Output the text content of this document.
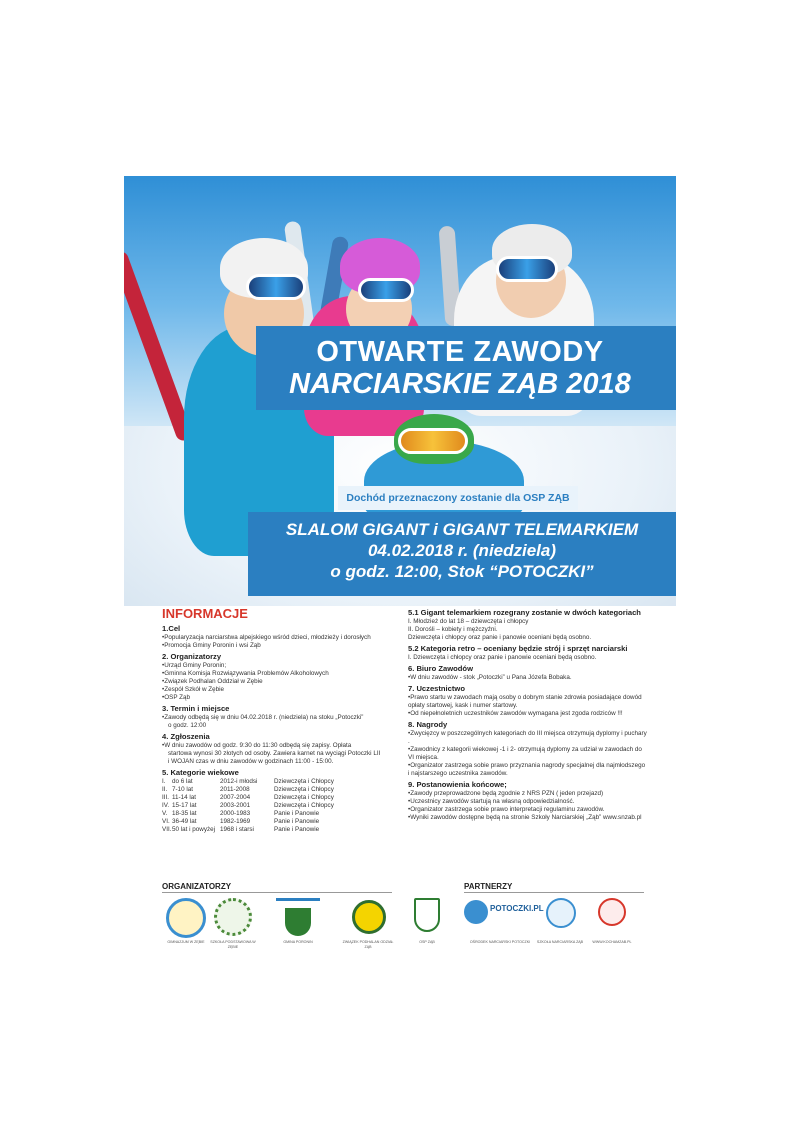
OTWARTE ZAWODY
NARCIARSKIE ZĄB 2018
Dochód przeznaczony zostanie dla OSP ZĄB
SLALOM GIGANT i GIGANT TELEMARKIEM
04.02.2018 r. (niedziela)
o godz. 12:00, Stok “POTOCZKI”
INFORMACJE
1.Cel
• Popularyzacja narciarstwa alpejskiego wśród dzieci, młodzieży i dorosłych
• Promocja Gminy Poronin i wsi Ząb
2. Organizatorzy
• Urząd Gminy Poronin;
• Gminna Komisja Rozwiązywania Problemów Alkoholowych
• Związek Podhalan Oddział w Zębie
• Zespół Szkół w Zębie
• OSP Ząb
3. Termin i miejsce
• Zawody odbędą się w dniu 04.02.2018 r. (niedziela) na stoku „Potoczki”
o godz. 12:00
4. Zgłoszenia
• W dniu zawodów od godz. 9:30 do 11:30 odbędą się zapisy. Opłata
startowa wynosi 30 złotych od osoby. Zawiera karnet na wyciągi Potoczki LII
i WOJAN czas w dniu zawodów w godzinach 11:00 - 15:00.
5. Kategorie wiekowe
I.	do 6 lat	2012-i młodsi	Dziewczęta i Chłopcy
II. 7-10 lat	2011-2008	Dziewczęta i Chłopcy
III. 11-14 lat	2007-2004	Dziewczęta i Chłopcy
IV. 15-17 lat	2003-2001	Dziewczęta i Chłopcy
V. 18-35 lat	2000-1983	Panie i Panowie
VI. 36-49 lat	1982-1969	Panie i Panowie
VII. 50 lat i powyżej 1968 i starsi	Panie i Panowie
5.1 Gigant telemarkiem rozegrany zostanie w dwóch kategoriach
I. Młodzież do lat 18 – dziewczęta i chłopcy
II. Dorośli – kobiety i mężczyźni.
Dziewczęta i chłopcy oraz panie i panowie oceniani będą osobno.
5.2 Kategoria retro – oceniany będzie strój i sprzęt narciarski
I. Dziewczęta i chłopcy oraz panie i panowie oceniani będą osobno.
6. Biuro Zawodów
• W dniu zawodów - stok „Potoczki” u Pana Józefa Bobaka.
7. Uczestnictwo
• Prawo startu w zawodach mają osoby o dobrym stanie zdrowia posiadające dowód opłaty startowej, kask i numer startowy.
• Od niepełnoletnich uczestników zawodów wymagana jest zgoda rodziców !!!
8. Nagrody
• Zwycięzcy w poszczególnych kategoriach do III miejsca otrzymują dyplomy i puchary .
• Zawodnicy z kategorii wiekowej -1 i 2- otrzymują dyplomy za udział w zawodach do VI miejsca.
• Organizator zastrzega sobie prawo przyznania nagrody specjalnej dla najmłodszego i najstarszego uczestnika zawodów.
9. Postanowienia końcowe;
• Zawody przeprowadzone będą zgodnie z NRS PZN ( jeden przejazd)
• Uczestnicy zawodów startują na własną odpowiedzialność.
• Organizator zastrzega sobie prawo interpretacji regulaminu zawodów.
• Wyniki zawodów dostępne będą na stronie Szkoły Narciarskiej „Ząb” www.snzab.pl
ORGANIZATORZY	PARTNERZY
GIMNAZJUM W ZĘBIE	SZKOŁA PODSTAWOWA W ZĘBIE
GMINA PORONIN	ZWIĄZEK PODHALAN ODZIAŁ ZĄB
OSP ZĄB
POTOCZKI.PL
OŚRODEK NARCIARSKI POTOCZKI	SZKOŁA NARCIARSKA ZĄB	WWW.KOCHAMZAB.PL
